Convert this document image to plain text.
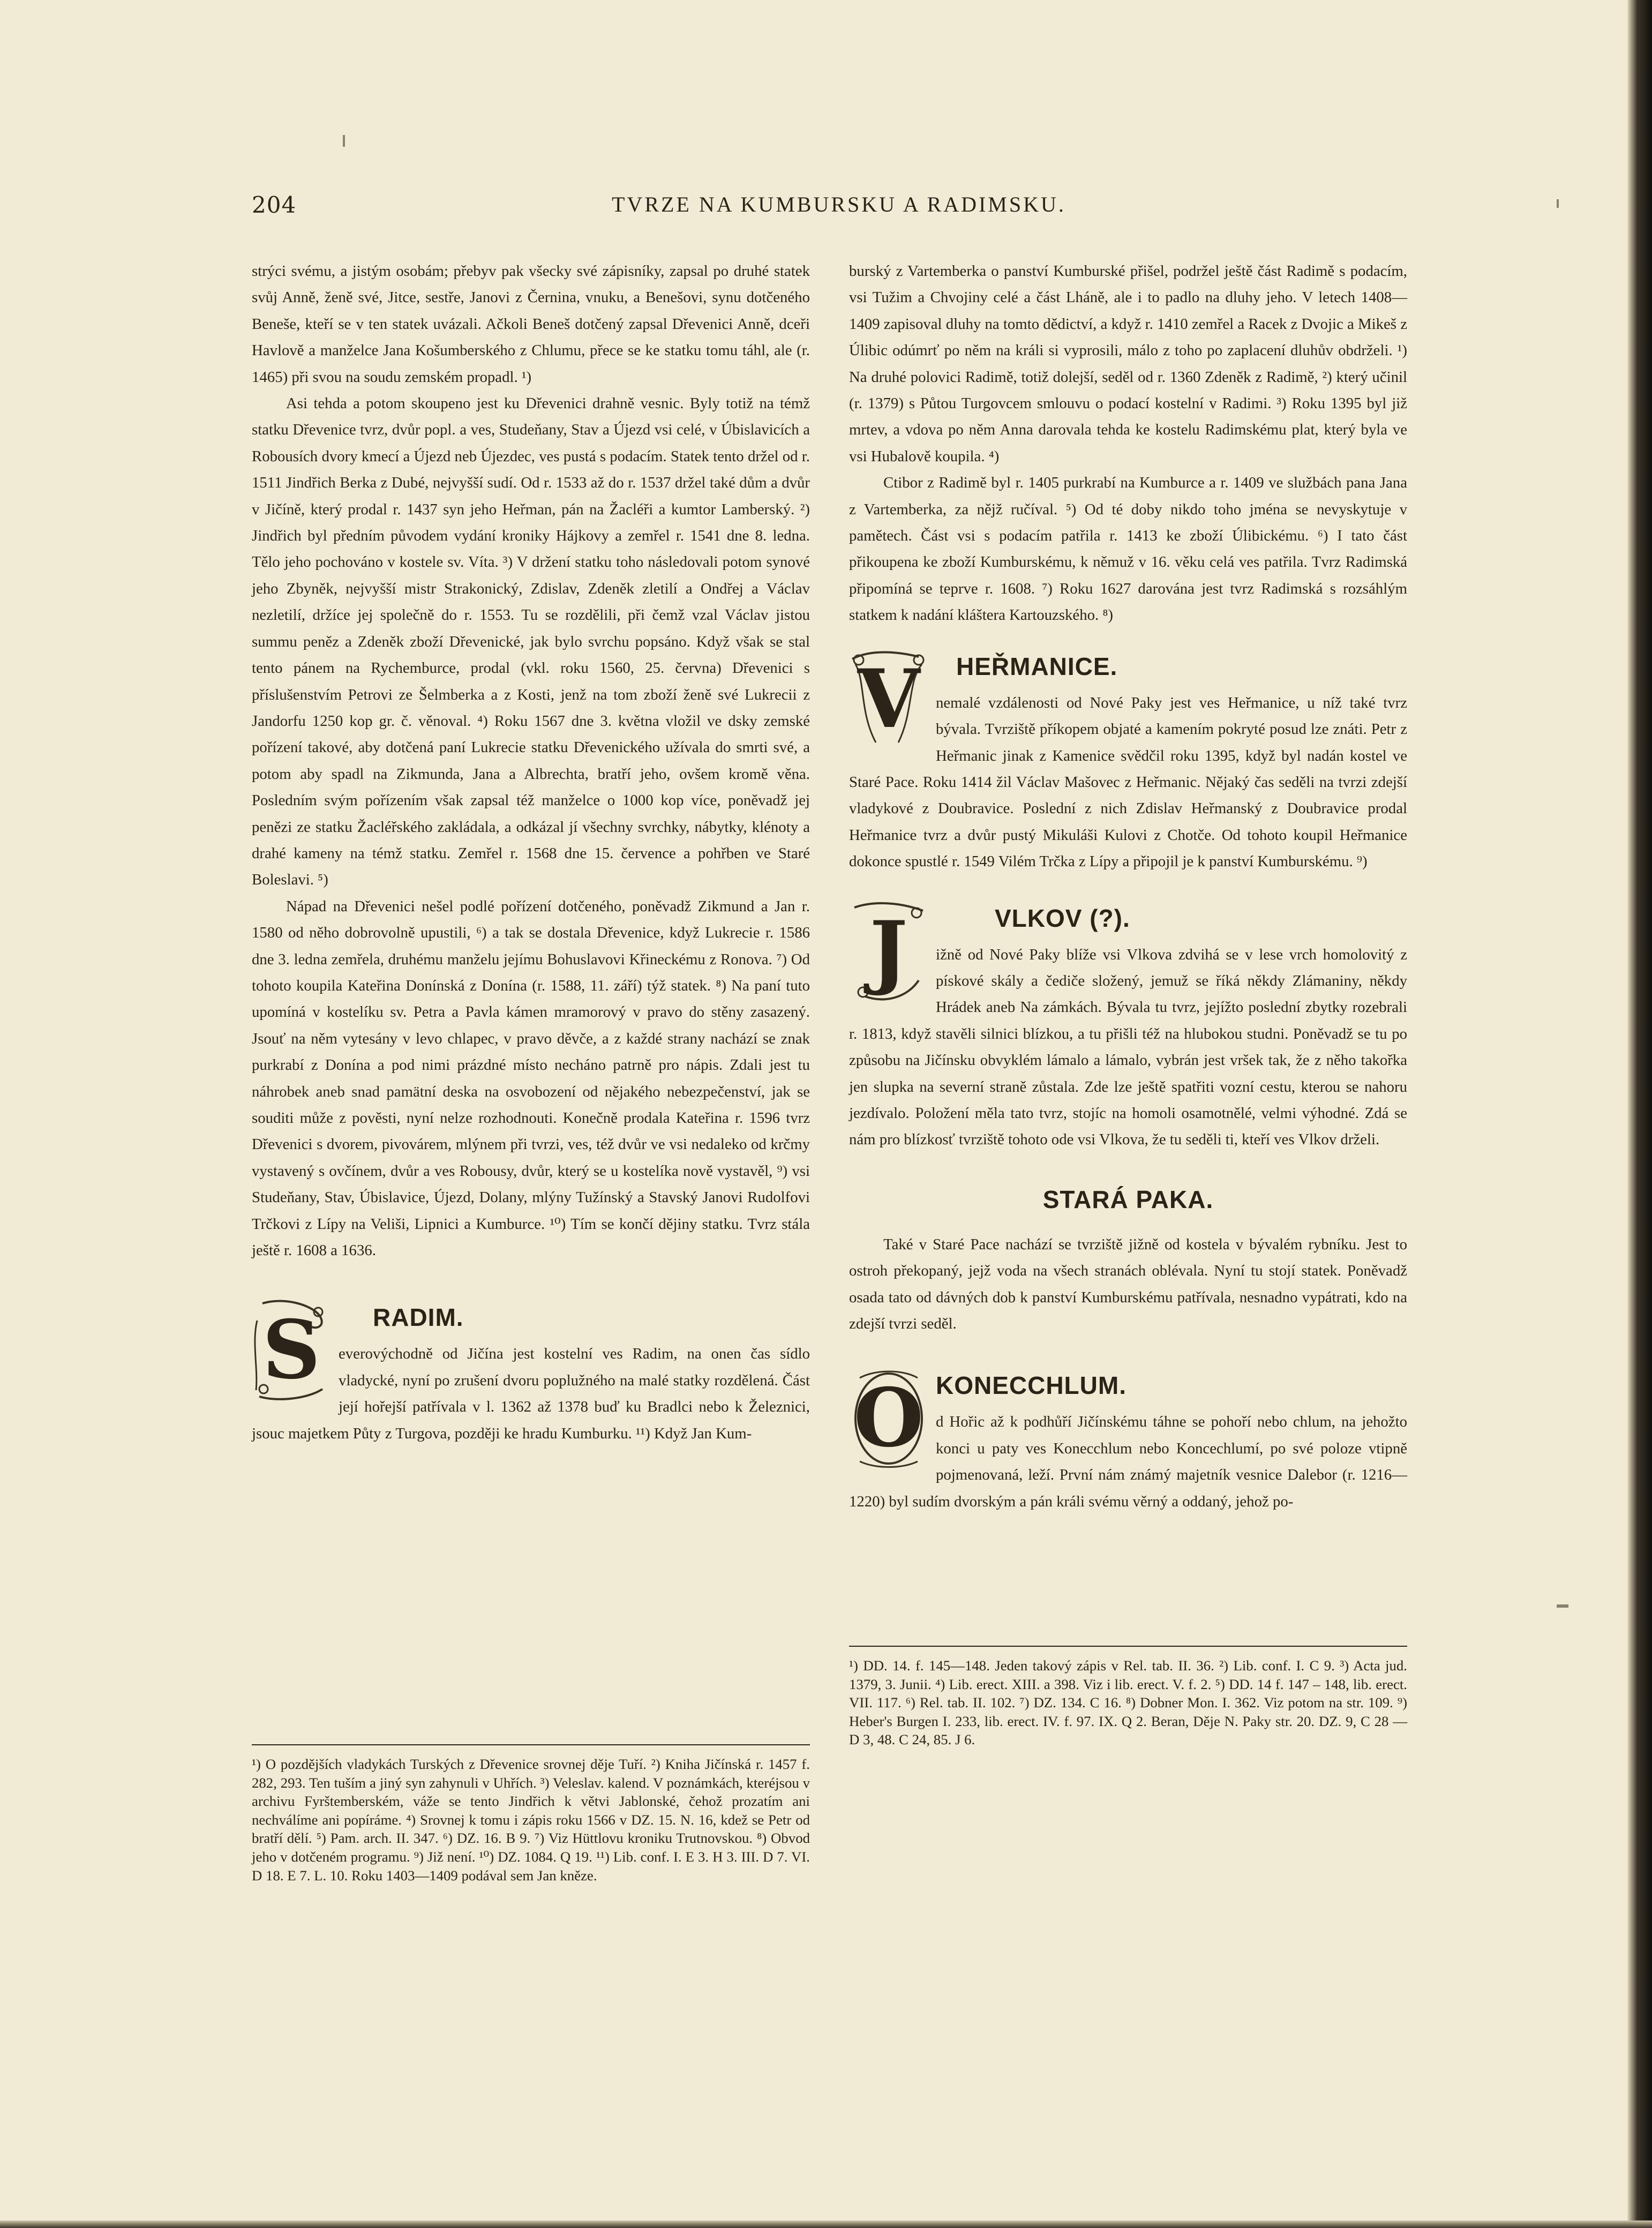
204	TVRZE NA KUMBURSKU A RADIMSKU.

strýci svému, a jistým osobám; přebyv pak všecky své zápisníky, zapsal po druhé statek svůj Anně, ženě své, Jitce, sestře, Janovi z Černina, vnuku, a Benešovi, synu dotčeného Beneše, kteří se v ten statek uvázali. Ačkoli Beneš dotčený zapsal Dřevenici Anně, dceři Havlově a manželce Jana Košumberského z Chlumu, přece se ke statku tomu táhl, ale (r. 1465) při svou na soudu zemském propadl. ¹)

Asi tehda a potom skoupeno jest ku Dřevenici drahně vesnic. Byly totiž na témž statku Dřevenice tvrz, dvůr popl. a ves, Studeňany, Stav a Újezd vsi celé, v Úbislavicích a Robousích dvory kmecí a Újezd neb Újezdec, ves pustá s podacím. Statek tento držel od r. 1511 Jindřich Berka z Dubé, nejvyšší sudí. Od r. 1533 až do r. 1537 držel také dům a dvůr v Jičíně, který prodal r. 1437 syn jeho Heřman, pán na Žacléři a kumtor Lamberský. ²) Jindřich byl předním původem vydání kroniky Hájkovy a zemřel r. 1541 dne 8. ledna. Tělo jeho pochováno v kostele sv. Víta. ³) V držení statku toho následovali potom synové jeho Zbyněk, nejvyšší mistr Strakonický, Zdislav, Zdeněk zletilí a Ondřej a Václav nezletilí, držíce jej společně do r. 1553. Tu se rozdělili, při čemž vzal Václav jistou summu peněz a Zdeněk zboží Dřevenické, jak bylo svrchu popsáno. Když však se stal tento pánem na Rychemburce, prodal (vkl. roku 1560, 25. června) Dřevenici s příslušenstvím Petrovi ze Šelmberka a z Kosti, jenž na tom zboží ženě své Lukrecii z Jandorfu 1250 kop gr. č. věnoval. ⁴) Roku 1567 dne 3. května vložil ve dsky zemské pořízení takové, aby dotčená paní Lukrecie statku Dřevenického užívala do smrti své, a potom aby spadl na Zikmunda, Jana a Albrechta, bratří jeho, ovšem kromě věna. Posledním svým pořízením však zapsal též manželce o 1000 kop více, poněvadž jej penězi ze statku Žacléřského zakládala, a odkázal jí všechny svrchky, nábytky, klénoty a drahé kameny na témž statku. Zemřel r. 1568 dne 15. července a pohřben ve Staré Boleslavi. ⁵)

Nápad na Dřevenici nešel podlé pořízení dotčeného, poněvadž Zikmund a Jan r. 1580 od něho dobrovolně upustili, ⁶) a tak se dostala Dřevenice, když Lukrecie r. 1586 dne 3. ledna zemřela, druhému manželu jejímu Bohuslavovi Křineckému z Ronova. ⁷) Od tohoto koupila Kateřina Donínská z Donína (r. 1588, 11. září) týž statek. ⁸) Na paní tuto upomíná v kostelíku sv. Petra a Pavla kámen mramorový v pravo do stěny zasazený. Jsouť na něm vytesány v levo chlapec, v pravo děvče, a z každé strany nachází se znak purkrabí z Donína a pod nimi prázdné místo necháno patrně pro nápis. Zdali jest tu náhrobek aneb snad pamätní deska na osvobození od nějakého nebezpečenství, jak se souditi může z pověsti, nyní nelze rozhodnouti. Konečně prodala Kateřina r. 1596 tvrz Dřevenici s dvorem, pivovárem, mlýnem při tvrzi, ves, též dvůr ve vsi nedaleko od krčmy vystavený s ovčínem, dvůr a ves Robousy, dvůr, který se u kostelíka nově vystavěl, ⁹) vsi Studeňany, Stav, Úbislavice, Újezd, Dolany, mlýny Tužínský a Stavský Janovi Rudolfovi Trčkovi z Lípy na Veliši, Lipnici a Kumburce. ¹⁰) Tím se končí dějiny statku. Tvrz stála ještě r. 1608 a 1636.

S	RADIM.

everovýchodně od Jičína jest kostelní ves Radim, na onen čas sídlo vladycké, nyní po zrušení dvoru poplužného na malé statky rozdělená. Část její hořejší patřívala v l. 1362 až 1378 buď ku Bradlci nebo k Železnici, jsouc majetkem Půty z Turgova, později ke hradu Kumburku. ¹¹) Když Jan Kum-

¹) O pozdějších vladykách Turských z Dřevenice srovnej děje Tuří. ²) Kniha Jičínská r. 1457 f. 282, 293. Ten tuším a jiný syn zahynuli v Uhřích. ³) Veleslav. kalend. V poznámkách, kteréjsou v archivu Fyrštemberském, váže se tento Jindřich k větvi Jablonské, čehož prozatím ani nechválíme ani popíráme. ⁴) Srovnej k tomu i zápis roku 1566 v DZ. 15. N. 16, kdež se Petr od bratří dělí. ⁵) Pam. arch. II. 347. ⁶) DZ. 16. B 9. ⁷) Viz Hüttlovu kroniku Trutnovskou. ⁸) Obvod jeho v dotčeném programu. ⁹) Již není. ¹⁰) DZ. 1084. Q 19. ¹¹) Lib. conf. I. E 3. H 3. III. D 7. VI. D 18. E 7. L. 10. Roku 1403—1409 podával sem Jan kněze.

burský z Vartemberka o panství Kumburské přišel, podržel ještě část Radimě s podacím, vsi Tužim a Chvojiny celé a část Lháně, ale i to padlo na dluhy jeho. V letech 1408—1409 zapisoval dluhy na tomto dědictví, a když r. 1410 zemřel a Racek z Dvojic a Mikeš z Úlibic odúmrť po něm na králi si vyprosili, málo z toho po zaplacení dluhův obdrželi. ¹) Na druhé polovici Radimě, totiž dolejší, seděl od r. 1360 Zdeněk z Radimě, ²) který učinil (r. 1379) s Půtou Turgovcem smlouvu o podací kostelní v Radimi. ³) Roku 1395 byl již mrtev, a vdova po něm Anna darovala tehda ke kostelu Radimskému plat, který byla ve vsi Hubalově koupila. ⁴)

Ctibor z Radimě byl r. 1405 purkrabí na Kumburce a r. 1409 ve službách pana Jana z Vartemberka, za nějž ručíval. ⁵) Od té doby nikdo toho jména se nevyskytuje v pamětech. Část vsi s podacím patřila r. 1413 ke zboží Úlibickému. ⁶) I tato část přikoupena ke zboží Kumburskému, k němuž v 16. věku celá ves patřila. Tvrz Radimská připomíná se teprve r. 1608. ⁷) Roku 1627 darována jest tvrz Radimská s rozsáhlým statkem k nadání kláštera Kartouzského. ⁸)

V	HEŘMANICE.

nemalé vzdálenosti od Nové Paky jest ves Heřmanice, u níž také tvrz bývala. Tvrziště příkopem objaté a kamením pokryté posud lze znáti. Petr z Heřmanic jinak z Kamenice svědčil roku 1395, když byl nadán kostel ve Staré Pace. Roku 1414 žil Václav Mašovec z Heřmanic. Nějaký čas seděli na tvrzi zdejší vladykové z Doubravice. Poslední z nich Zdislav Heřmanský z Doubravice prodal Heřmanice tvrz a dvůr pustý Mikuláši Kulovi z Chotče. Od tohoto koupil Heřmanice dokonce spustlé r. 1549 Vilém Trčka z Lípy a připojil je k panství Kumburskému. ⁹)

J	VLKOV (?).

ižně od Nové Paky blíže vsi Vlkova zdvihá se v lese vrch homolovitý z pískové skály a čediče složený, jemuž se říká někdy Zlámaniny, někdy Hrádek aneb Na zámkách. Bývala tu tvrz, jejížto poslední zbytky rozebrali r. 1813, když stavěli silnici blízkou, a tu přišli též na hlubokou studni. Poněvadž se tu po způsobu na Jičínsku obvyklém lámalo a lámalo, vybrán jest vršek tak, že z něho takořka jen slupka na severní straně zůstala. Zde lze ještě spatřiti vozní cestu, kterou se nahoru jezdívalo. Položení měla tato tvrz, stojíc na homoli osamotnělé, velmi výhodné. Zdá se nám pro blízkosť tvrziště tohoto ode vsi Vlkova, že tu seděli ti, kteří ves Vlkov drželi.

STARÁ PAKA.

Také v Staré Pace nachází se tvrziště jižně od kostela v bývalém rybníku. Jest to ostroh překopaný, jejž voda na všech stranách oblévala. Nyní tu stojí statek. Poněvadž osada tato od dávných dob k panství Kumburskému patřívala, nesnadno vypátrati, kdo na zdejší tvrzi seděl.

O KONECCHLUM.

d Hořic až k podhůří Jičínskému táhne se pohoří nebo chlum, na jehožto konci u paty ves Konecchlum nebo Koncechlumí, po své poloze vtipně pojmenovaná, leží. První nám známý majetník vesnice Dalebor (r. 1216—1220) byl sudím dvorským a pán králi svému věrný a oddaný, jehož po-

¹) DD. 14. f. 145—148. Jeden takový zápis v Rel. tab. II. 36. ²) Lib. conf. I. C 9. ³) Acta jud. 1379, 3. Junii. ⁴) Lib. erect. XIII. a 398. Viz i lib. erect. V. f. 2. ⁵) DD. 14 f. 147 – 148, lib. erect. VII. 117. ⁶) Rel. tab. II. 102. ⁷) DZ. 134. C 16. ⁸) Dobner Mon. I. 362. Viz potom na str. 109. ⁹) Heber's Burgen I. 233, lib. erect. IV. f. 97. IX. Q 2. Beran, Děje N. Paky str. 20. DZ. 9, C 28 — D 3, 48. C 24, 85. J 6.
